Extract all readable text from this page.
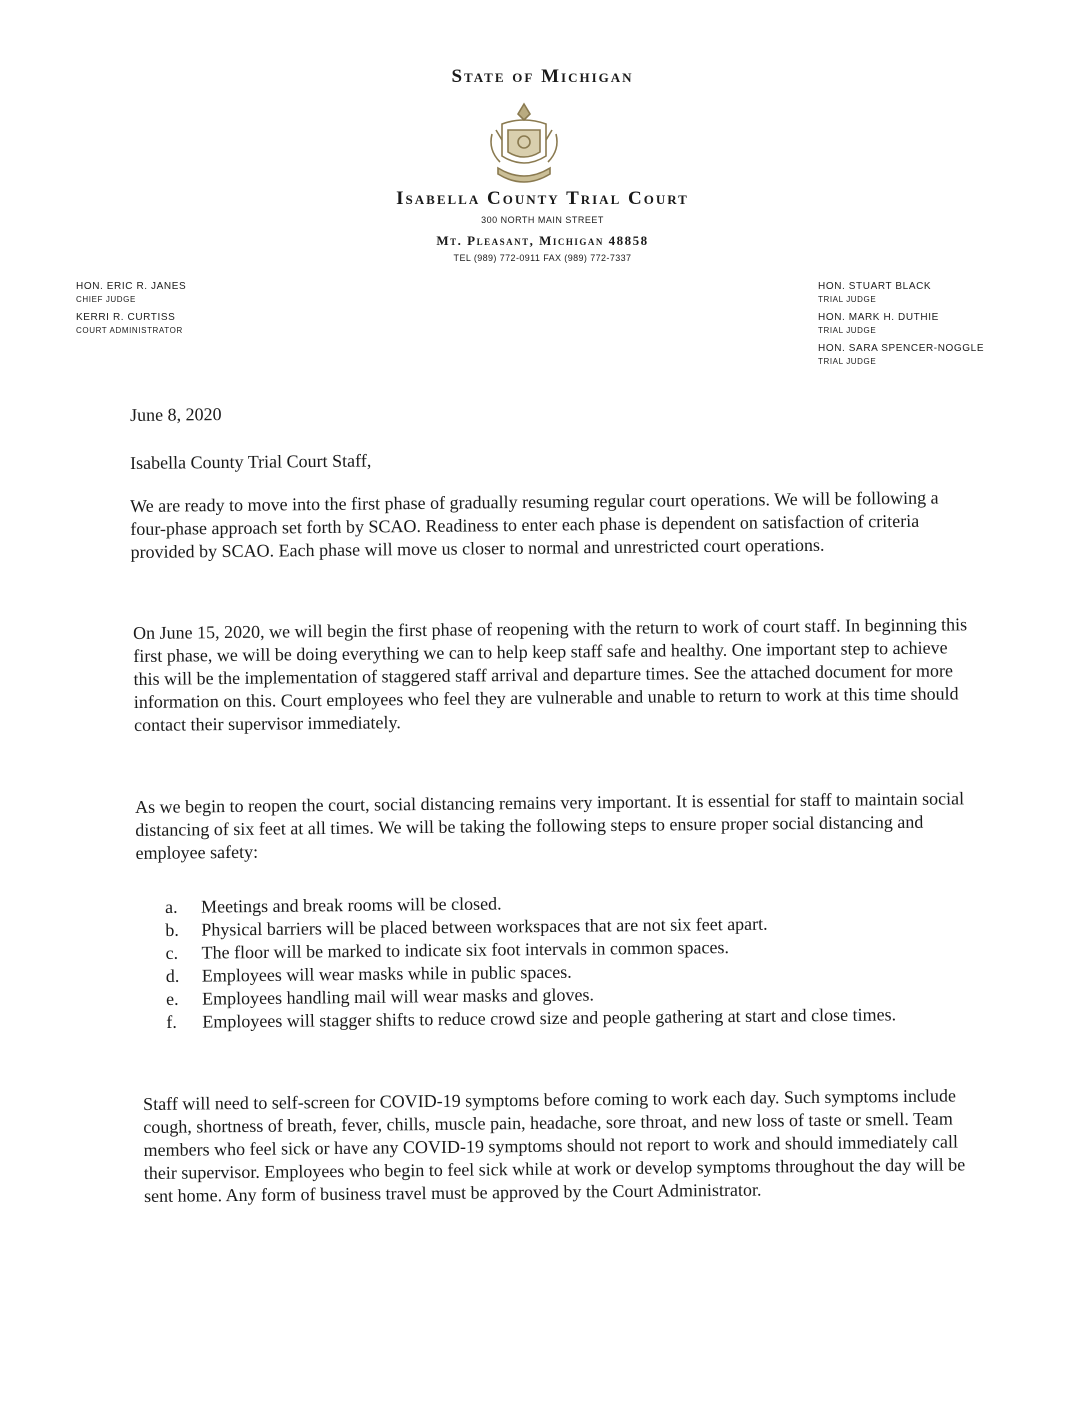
State of Michigan
Isabella County Trial Court
300 NORTH MAIN STREET
Mt. Pleasant, Michigan 48858
TEL (989) 772-0911 FAX (989) 772-7337
HON. ERIC R. JANES
CHIEF JUDGE
KERRI R. CURTISS
COURT ADMINISTRATOR
HON. STUART BLACK
TRIAL JUDGE
HON. MARK H. DUTHIE
TRIAL JUDGE
HON. SARA SPENCER-NOGGLE
TRIAL JUDGE
June 8, 2020
Isabella County Trial Court Staff,
We are ready to move into the first phase of gradually resuming regular court operations. We will be following a four-phase approach set forth by SCAO. Readiness to enter each phase is dependent on satisfaction of criteria provided by SCAO. Each phase will move us closer to normal and unrestricted court operations.
On June 15, 2020, we will begin the first phase of reopening with the return to work of court staff. In beginning this first phase, we will be doing everything we can to help keep staff safe and healthy. One important step to achieve this will be the implementation of staggered staff arrival and departure times. See the attached document for more information on this. Court employees who feel they are vulnerable and unable to return to work at this time should contact their supervisor immediately.
As we begin to reopen the court, social distancing remains very important. It is essential for staff to maintain social distancing of six feet at all times. We will be taking the following steps to ensure proper social distancing and employee safety:
a.	Meetings and break rooms will be closed.
b.	Physical barriers will be placed between workspaces that are not six feet apart.
c.	The floor will be marked to indicate six foot intervals in common spaces.
d.	Employees will wear masks while in public spaces.
e.	Employees handling mail will wear masks and gloves.
f.	Employees will stagger shifts to reduce crowd size and people gathering at start and close times.
Staff will need to self-screen for COVID-19 symptoms before coming to work each day. Such symptoms include cough, shortness of breath, fever, chills, muscle pain, headache, sore throat, and new loss of taste or smell. Team members who feel sick or have any COVID-19 symptoms should not report to work and should immediately call their supervisor. Employees who begin to feel sick while at work or develop symptoms throughout the day will be sent home. Any form of business travel must be approved by the Court Administrator.
